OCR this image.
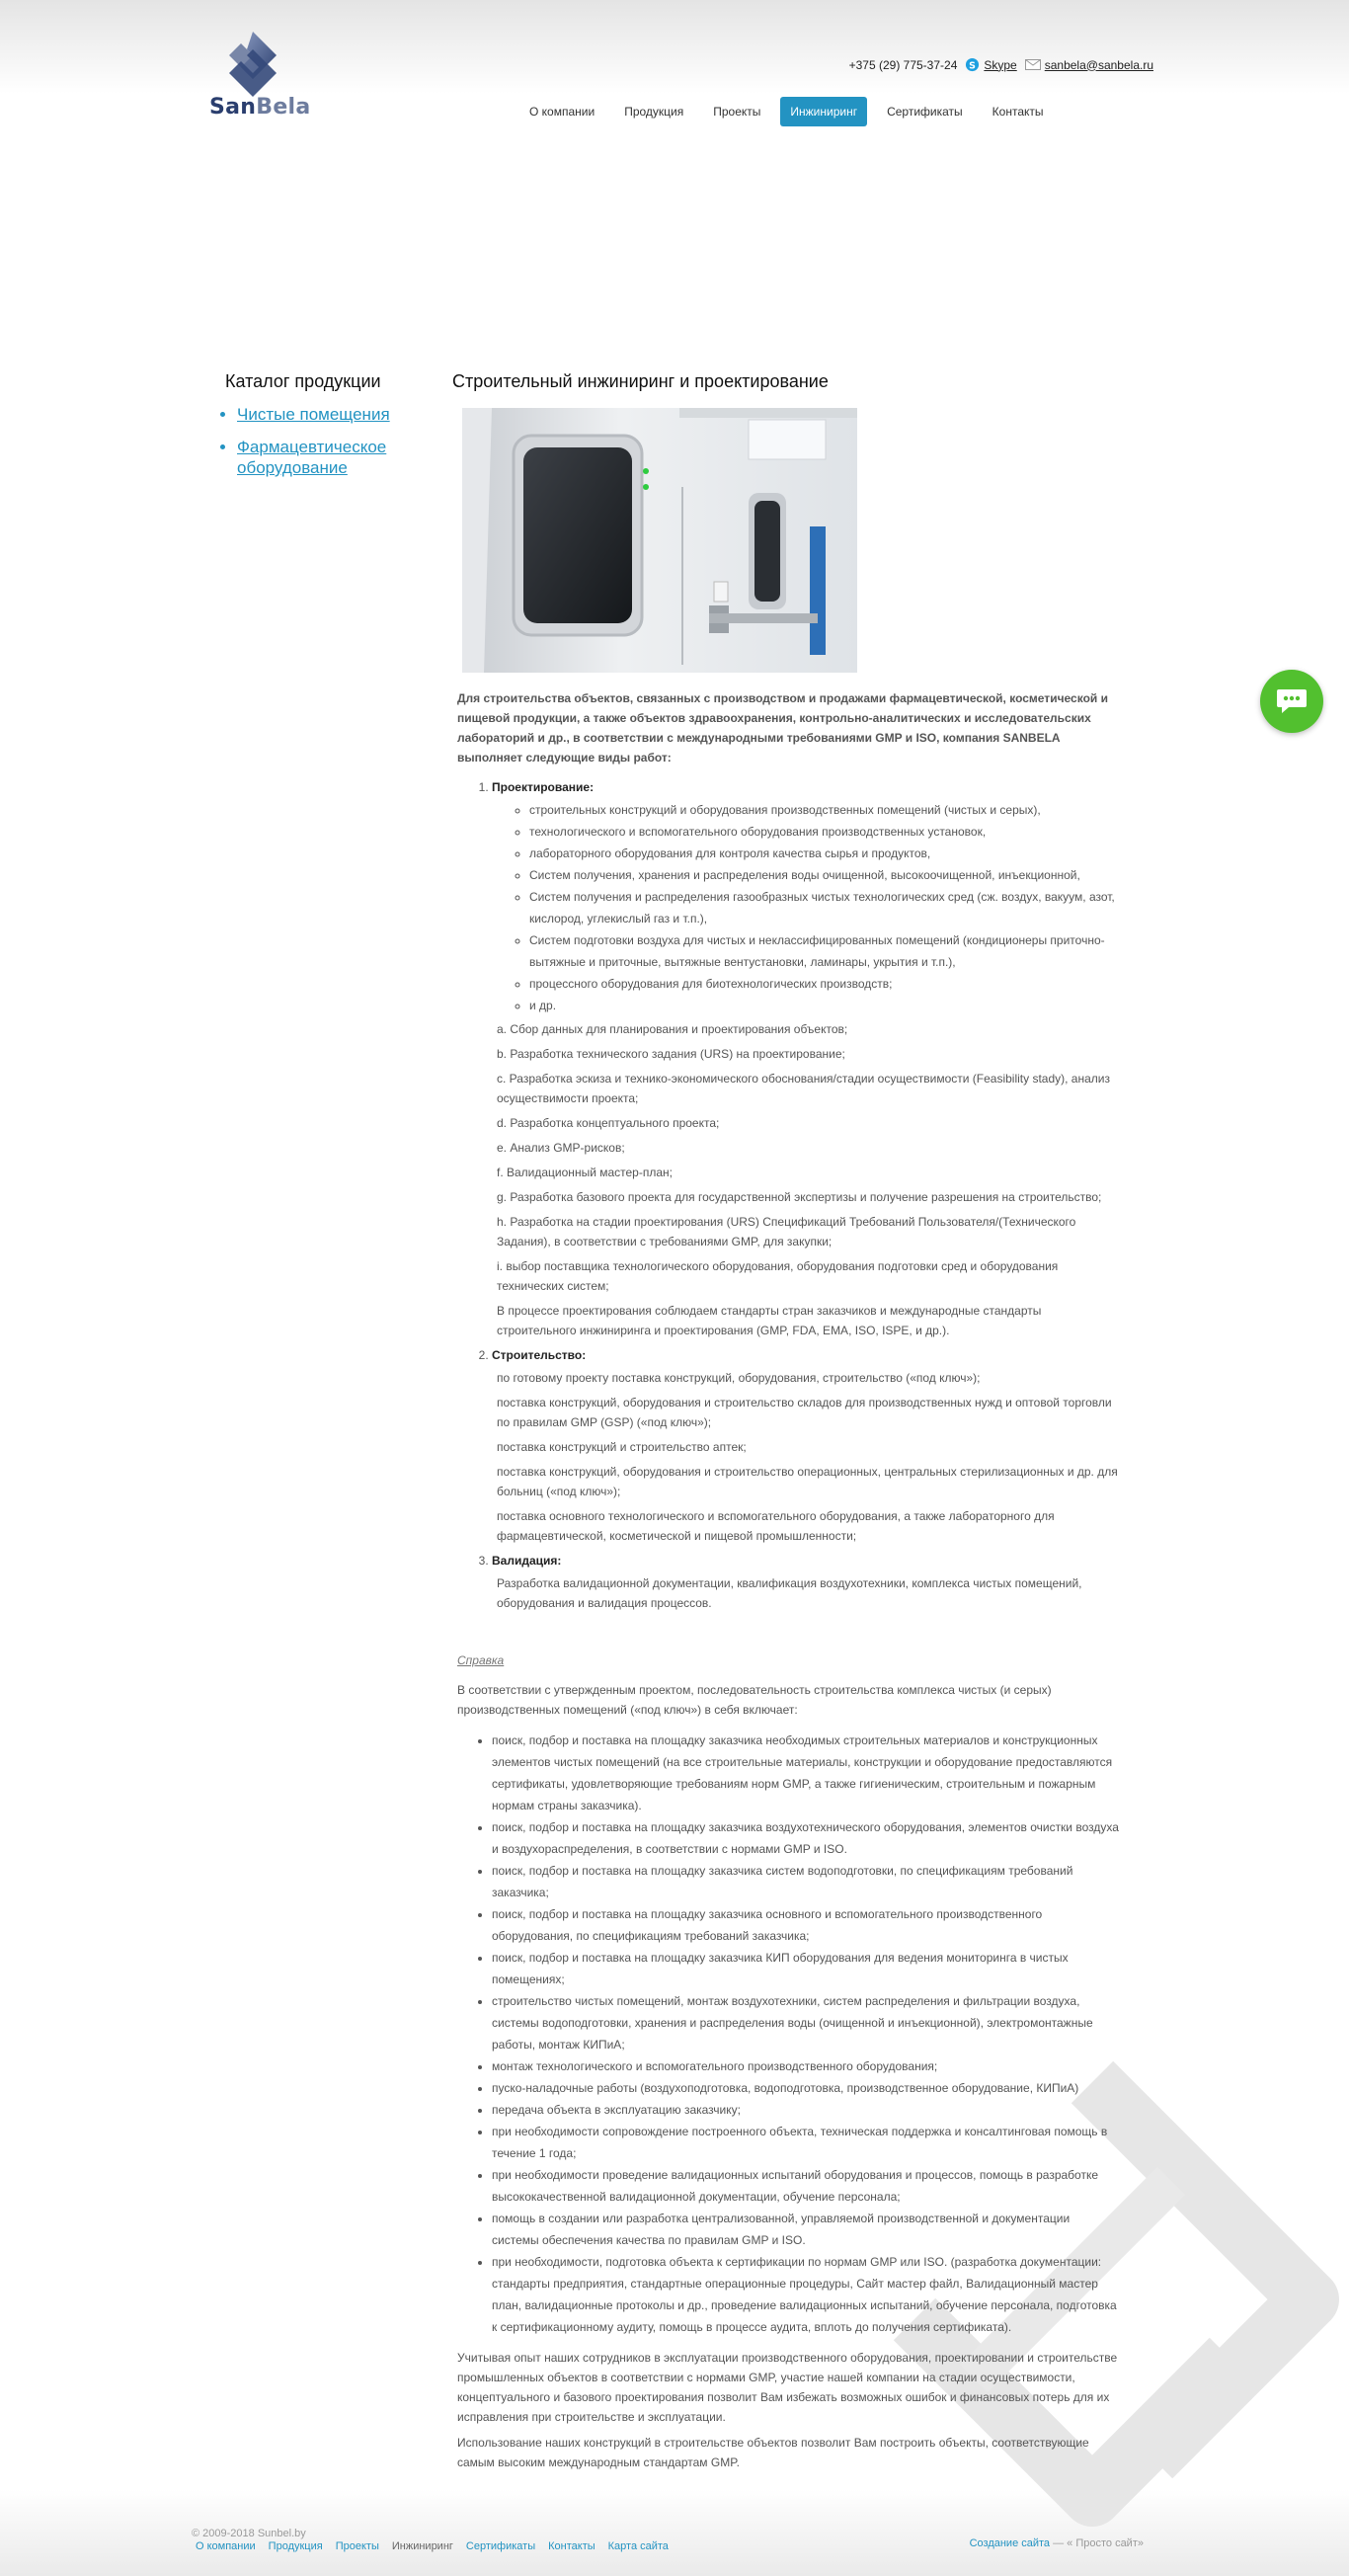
SanBela
+375 (29) 775-37-24 S Skype sanbela@sanbela.ru
О компании	Продукция	Проекты	Инжиниринг	Сертификаты	Контакты
Каталог продукции
• Чистые помещения
• Фармацевтическое оборудование
Строительный инжиниринг и проектирование

Для строительства объектов, связанных с производством и продажами фармацевтической, косметической и пищевой продукции, а также объектов здравоохранения, контрольно-аналитических и исследовательских лабораторий и др., в соответствии с международными требованиями GMP и ISO, компания SANBELA выполняет следующие виды работ:

1. Проектирование:
◦ строительных конструкций и оборудования производственных помещений (чистых и серых),
◦ технологического и вспомогательного оборудования производственных установок,
◦ лабораторного оборудования для контроля качества сырья и продуктов,
◦ Систем получения, хранения и распределения воды очищенной, высокоочищенной, инъекционной,
◦ Систем получения и распределения газообразных чистых технологических сред (сж. воздух, вакуум, азот, кислород, углекислый газ и т.п.),
◦ Систем подготовки воздуха для чистых и неклассифицированных помещений (кондиционеры приточно-вытяжные и приточные, вытяжные вентустановки, ламинары, укрытия и т.п.),
◦ процессного оборудования для биотехнологических производств;
◦ и др.
a. Сбор данных для планирования и проектирования объектов;
b. Разработка технического задания (URS) на проектирование;
c. Разработка эскиза и технико-экономического обоснования/стадии осуществимости (Feasibility stady), анализ осуществимости проекта;
d. Разработка концептуального проекта;
e. Анализ GMP-рисков;
f. Валидационный мастер-план;
g. Разработка базового проекта для государственной экспертизы и получение разрешения на строительство;
h. Разработка на стадии проектирования (URS) Спецификаций Требований Пользователя/(Технического Задания), в соответствии с требованиями GMP, для закупки;
i. выбор поставщика технологического оборудования, оборудования подготовки сред и оборудования технических систем;
В процессе проектирования соблюдаем стандарты стран заказчиков и международные стандарты строительного инжиниринга и проектирования (GMP, FDA, EMA, ISO, ISPE, и др.).
2. Строительство:
по готовому проекту поставка конструкций, оборудования, строительство («под ключ»);
поставка конструкций, оборудования и строительство складов для производственных нужд и оптовой торговли по правилам GMP (GSP) («под ключ»);
поставка конструкций и строительство аптек;
поставка конструкций, оборудования и строительство операционных, центральных стерилизационных и др. для больниц («под ключ»);
поставка основного технологического и вспомогательного оборудования, а также лабораторного для фармацевтической, косметической и пищевой промышленности;
3. Валидация:
Разработка валидационной документации, квалификация воздухотехники, комплекса чистых помещений, оборудования и валидация процессов.

Справка

В соответствии с утвержденным проектом, последовательность строительства комплекса чистых (и серых) производственных помещений («под ключ») в себя включает:

• поиск, подбор и поставка на площадку заказчика необходимых строительных материалов и конструкционных элементов чистых помещений (на все строительные материалы, конструкции и оборудование предоставляются сертификаты, удовлетворяющие требованиям норм GMP, а также гигиеническим, строительным и пожарным нормам страны заказчика).
• поиск, подбор и поставка на площадку заказчика воздухотехнического оборудования, элементов очистки воздуха и воздухораспределения, в соответствии с нормами GMP и ISO.
• поиск, подбор и поставка на площадку заказчика систем водоподготовки, по спецификациям требований заказчика;
• поиск, подбор и поставка на площадку заказчика основного и вспомогательного производственного оборудования, по спецификациям требований заказчика;
• поиск, подбор и поставка на площадку заказчика КИП оборудования для ведения мониторинга в чистых помещениях;
• строительство чистых помещений, монтаж воздухотехники, систем распределения и фильтрации воздуха, системы водоподготовки, хранения и распределения воды (очищенной и инъекционной), электромонтажные работы, монтаж КИПиА;
• монтаж технологического и вспомогательного производственного оборудования;
• пуско-наладочные работы (воздухоподготовка, водоподготовка, производственное оборудование, КИПиА)
• передача объекта в эксплуатацию заказчику;
• при необходимости сопровождение построенного объекта, техническая поддержка и консалтинговая помощь в течение 1 года;
• при необходимости проведение валидационных испытаний оборудования и процессов, помощь в разработке высококачественной валидационной документации, обучение персонала;
• помощь в создании или разработка централизованной, управляемой производственной и документации системы обеспечения качества по правилам GMP и ISO.
• при необходимости, подготовка объекта к сертификации по нормам GMP или ISO. (разработка документации: стандарты предприятия, стандартные операционные процедуры, Сайт мастер файл, Валидационный мастер план, валидационные протоколы и др., проведение валидационных испытаний, обучение персонала, подготовка к сертификационному аудиту, помощь в процессе аудита, вплоть до получения сертификата).

Учитывая опыт наших сотрудников в эксплуатации производственного оборудования, проектировании и строительстве промышленных объектов в соответствии с нормами GMP, участие нашей компании на стадии осуществимости, концептуального и базового проектирования позволит Вам избежать возможных ошибок и финансовых потерь для их исправления при строительстве и эксплуатации.

Использование наших конструкций в строительстве объектов позволит Вам построить объекты, соответствующие самым высоким международным стандартам GMP.

© 2009-2018 Sunbel.by
О компании Продукция Проекты Инжиниринг Сертификаты Контакты Карта сайта	Создание сайта — « Просто сайт»
